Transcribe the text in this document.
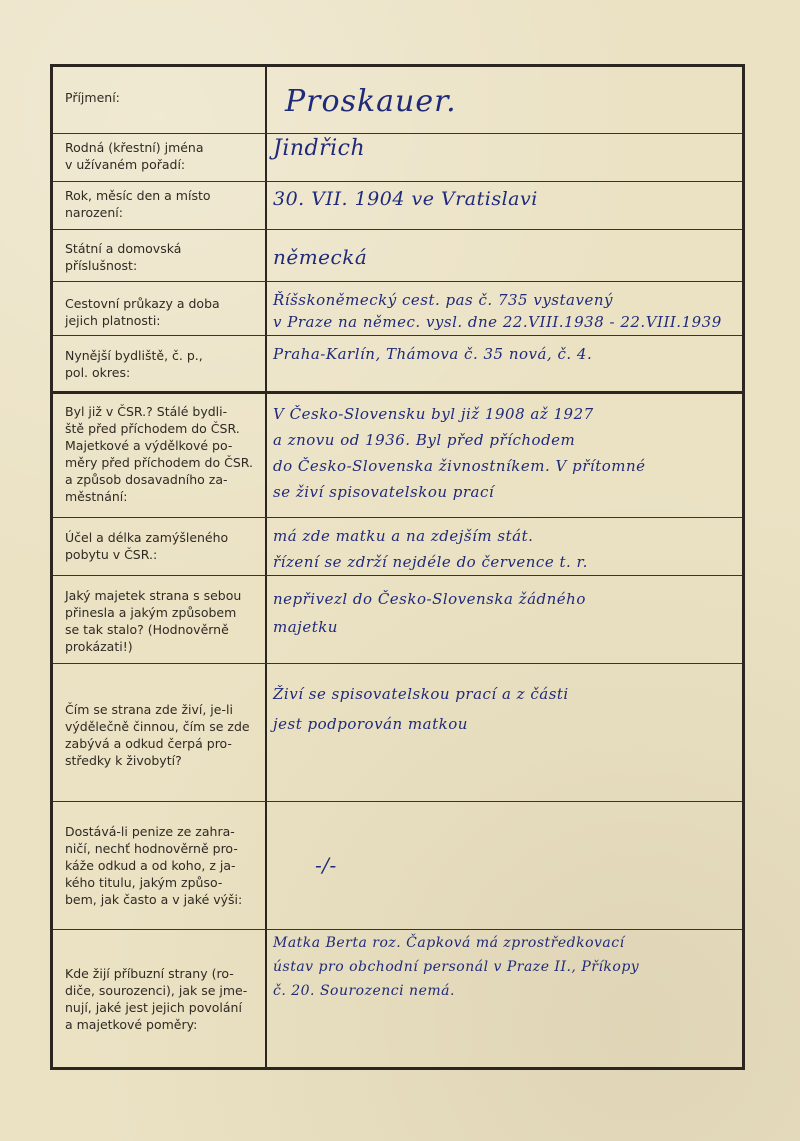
Příjmení:	Proskauer.
Rodná (křestní) jména
v užívaném pořadí:
Jindřich
Rok, měsíc den a místo
narození:
30. VII. 1904 ve Vratislavi
Státní a domovská
příslušnost:	německá
Cestovní průkazy a doba
jejich platnosti:
Říšskoněmecký cest. pas č. 735 vystavený
v Praze na němec. vysl. dne 22.VIII.1938 - 22.VIII.1939
Nynější bydliště, č. p.,
pol. okres:
Praha-Karlín, Thámova č. 35 nová, č. 4.
Byl již v ČSR.? Stálé bydli-
ště před příchodem do ČSR.
Majetkové a výdělkové po-
měry před příchodem do ČSR.
a způsob dosavadního za-
městnání:
V Česko-Slovensku byl již 1908 až 1927
a znovu od 1936. Byl před příchodem
do Česko-Slovenska živnostníkem. V přítomné
se živí spisovatelskou prací
Účel a délka zamýšleného
pobytu v ČSR.:
má zde matku a na zdejším stát.
řízení se zdrží nejdéle do července t. r.
Jaký majetek strana s sebou
přinesla a jakým způsobem
se tak stalo? (Hodnověrně
prokázati!)
nepřivezl do Česko-Slovenska žádného
majetku
Čím se strana zde živí, je-li
výdělečně činnou, čím se zde
zabývá a odkud čerpá pro-
středky k živobytí?
Živí se spisovatelskou prací a z části
jest podporován matkou
Dostává-li penize ze zahra-
ničí, nechť hodnověrně pro-
káže odkud a od koho, z ja-
kého titulu, jakým způso-
bem, jak často a v jaké výši:
-/-
Kde žijí příbuzní strany (ro-
diče, sourozenci), jak se jme-
nují, jaké jest jejich povolání
a majetkové poměry:
Matka Berta roz. Čapková má zprostředkovací
ústav pro obchodní personál v Praze II., Příkopy
č. 20. Sourozenci nemá.
